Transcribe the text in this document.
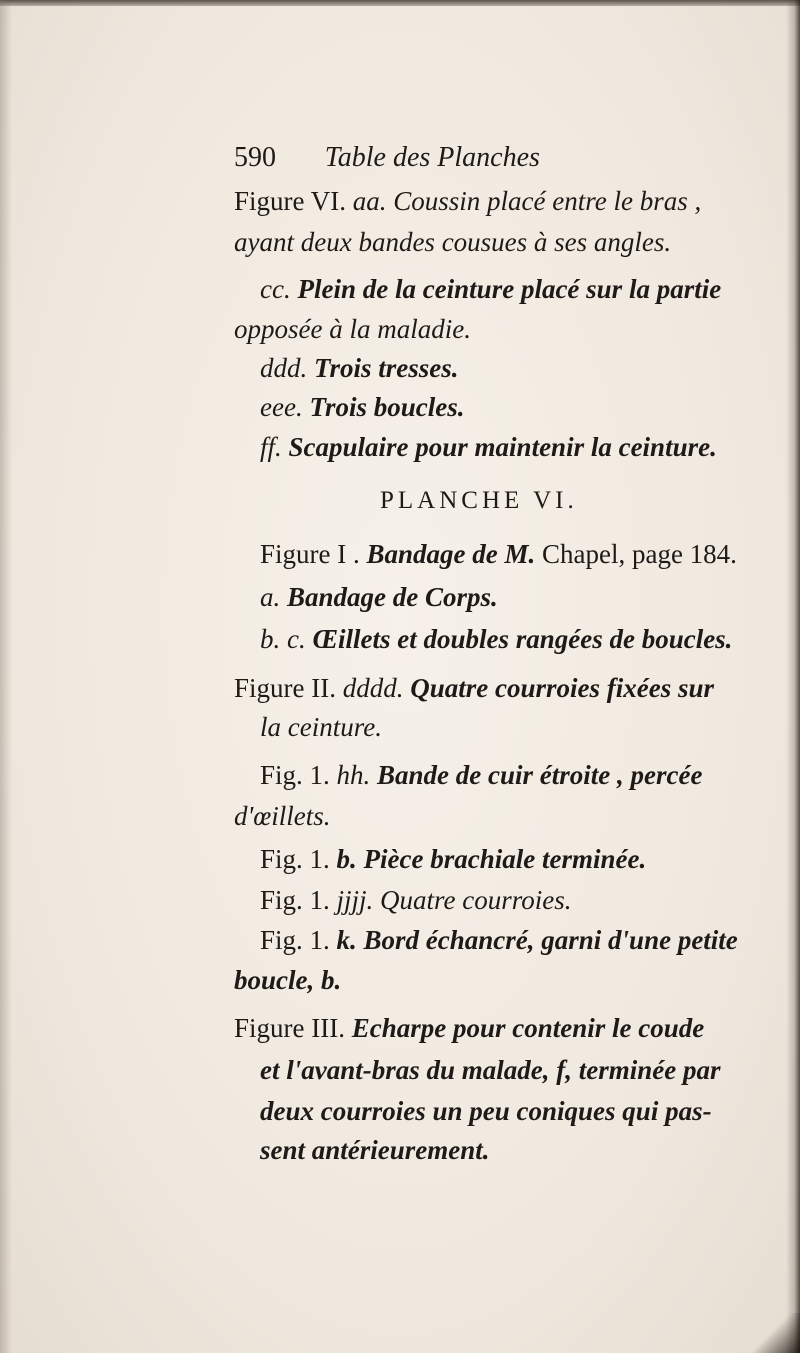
590 Table des Planches

Figure VI. aa. Coussin placé entre le bras ,

ayant deux bandes cousues à ses angles.

cc. Plein de la ceinture placé sur la partie

opposée à la maladie.

ddd. Trois tresses.

eee. Trois boucles.

ff. Scapulaire pour maintenir la ceinture.

PLANCHE VI.

Figure I . Bandage de M. Chapel, page 184.

a. Bandage de Corps.

b. c. Œillets et doubles rangées de boucles.

Figure II. dddd. Quatre courroies fixées sur

la ceinture.

Fig. 1. hh. Bande de cuir étroite , percée

d'œillets.

Fig. 1. b. Pièce brachiale terminée.

Fig. 1. jjjj. Quatre courroies.

Fig. 1. k. Bord échancré, garni d'une petite

boucle, b.

Figure III. Echarpe pour contenir le coude

et l'avant-bras du malade, f, terminée par

deux courroies un peu coniques qui pas-

sent antérieurement.
